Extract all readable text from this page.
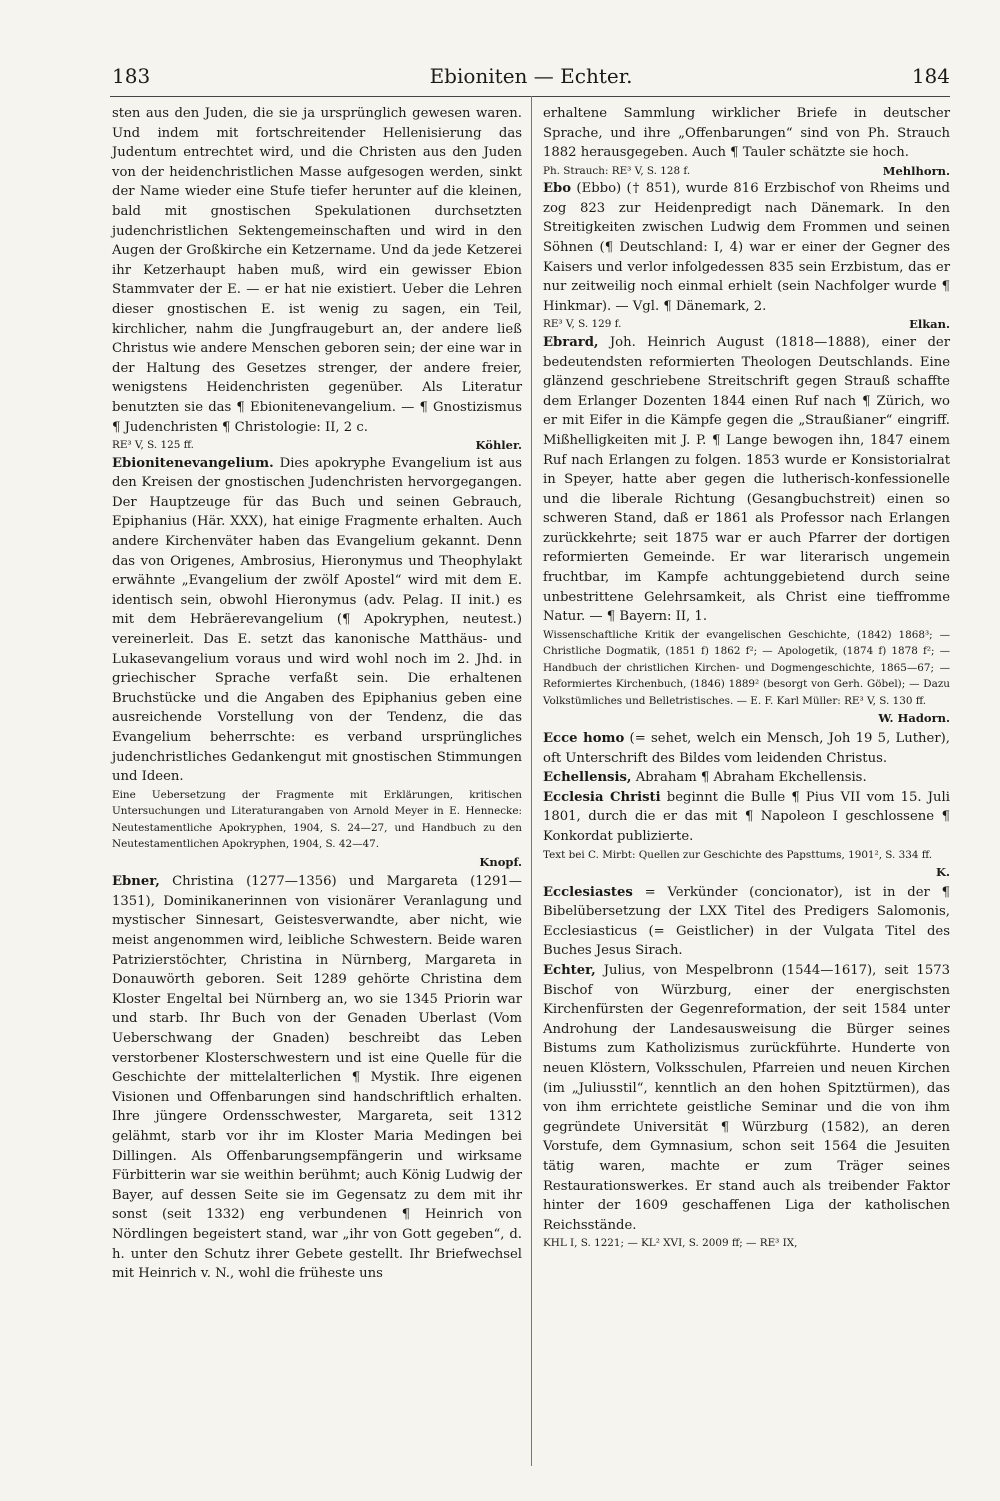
183	Ebioniten — Echter.	184

sten aus den Juden, die sie ja ursprünglich gewesen waren. Und indem mit fortschreitender Hellenisierung das Judentum entrechtet wird, und die Christen aus den Juden von der heidenchristlichen Masse aufgesogen werden, sinkt der Name wieder eine Stufe tiefer herunter auf die kleinen, bald mit gnostischen Spekulationen durchsetzten judenchristlichen Sektengemeinschaften und wird in den Augen der Großkirche ein Ketzername. Und da jede Ketzerei ihr Ketzerhaupt haben muß, wird ein gewisser Ebion Stammvater der E. — er hat nie existiert. Ueber die Lehren dieser gnostischen E. ist wenig zu sagen, ein Teil, kirchlicher, nahm die Jungfraugeburt an, der andere ließ Christus wie andere Menschen geboren sein; der eine war in der Haltung des Gesetzes strenger, der andere freier, wenigstens Heidenchristen gegenüber. Als Literatur benutzten sie das ¶ Ebionitenevangelium. — ¶ Gnostizismus ¶ Judenchristen ¶ Christologie: II, 2 c.

RE³ V, S. 125 ff.	Köhler.

Ebionitenevangelium. Dies apokryphe Evangelium ist aus den Kreisen der gnostischen Judenchristen hervorgegangen. Der Hauptzeuge für das Buch und seinen Gebrauch, Epiphanius (Här. XXX), hat einige Fragmente erhalten. Auch andere Kirchenväter haben das Evangelium gekannt. Denn das von Origenes, Ambrosius, Hieronymus und Theophylakt erwähnte „Evangelium der zwölf Apostel“ wird mit dem E. identisch sein, obwohl Hieronymus (adv. Pelag. II init.) es mit dem Hebräerevangelium (¶ Apokryphen, neutest.) vereinerleit. Das E. setzt das kanonische Matthäus- und Lukasevangelium voraus und wird wohl noch im 2. Jhd. in griechischer Sprache verfaßt sein. Die erhaltenen Bruchstücke und die Angaben des Epiphanius geben eine ausreichende Vorstellung von der Tendenz, die das Evangelium beherrschte: es verband ursprüngliches judenchristliches Gedankengut mit gnostischen Stimmungen und Ideen.

Eine Uebersetzung der Fragmente mit Erklärungen, kritischen Untersuchungen und Literaturangaben von Arnold Meyer in E. Hennecke: Neutestamentliche Apokryphen, 1904, S. 24—27, und Handbuch zu den Neutestamentlichen Apokryphen, 1904, S. 42—47.

Knopf.

Ebner, Christina (1277—1356) und Margareta (1291—1351), Dominikanerinnen von visionärer Veranlagung und mystischer Sinnesart, Geistesverwandte, aber nicht, wie meist angenommen wird, leibliche Schwestern. Beide waren Patrizierstöchter, Christina in Nürnberg, Margareta in Donauwörth geboren. Seit 1289 gehörte Christina dem Kloster Engeltal bei Nürnberg an, wo sie 1345 Priorin war und starb. Ihr Buch von der Genaden Uberlast (Vom Ueberschwang der Gnaden) beschreibt das Leben verstorbener Klosterschwestern und ist eine Quelle für die Geschichte der mittelalterlichen ¶ Mystik. Ihre eigenen Visionen und Offenbarungen sind handschriftlich erhalten. Ihre jüngere Ordensschwester, Margareta, seit 1312 gelähmt, starb vor ihr im Kloster Maria Medingen bei Dillingen. Als Offenbarungsempfängerin und wirksame Fürbitterin war sie weithin berühmt; auch König Ludwig der Bayer, auf dessen Seite sie im Gegensatz zu dem mit ihr sonst (seit 1332) eng verbundenen ¶ Heinrich von Nördlingen begeistert stand, war „ihr von Gott gegeben“, d. h. unter den Schutz ihrer Gebete gestellt. Ihr Briefwechsel mit Heinrich v. N., wohl die früheste uns

erhaltene Sammlung wirklicher Briefe in deutscher Sprache, und ihre „Offenbarungen“ sind von Ph. Strauch 1882 herausgegeben. Auch ¶ Tauler schätzte sie hoch.

Ph. Strauch: RE³ V, S. 128 f.	Mehlhorn.

Ebo (Ebbo) († 851), wurde 816 Erzbischof von Rheims und zog 823 zur Heidenpredigt nach Dänemark. In den Streitigkeiten zwischen Ludwig dem Frommen und seinen Söhnen (¶ Deutschland: I, 4) war er einer der Gegner des Kaisers und verlor infolgedessen 835 sein Erzbistum, das er nur zeitweilig noch einmal erhielt (sein Nachfolger wurde ¶ Hinkmar). — Vgl. ¶ Dänemark, 2.

RE³ V, S. 129 f.	Elkan.

Ebrard, Joh. Heinrich August (1818—1888), einer der bedeutendsten reformierten Theologen Deutschlands. Eine glänzend geschriebene Streitschrift gegen Strauß schaffte dem Erlanger Dozenten 1844 einen Ruf nach ¶ Zürich, wo er mit Eifer in die Kämpfe gegen die „Straußianer“ eingriff. Mißhelligkeiten mit J. P. ¶ Lange bewogen ihn, 1847 einem Ruf nach Erlangen zu folgen. 1853 wurde er Konsistorialrat in Speyer, hatte aber gegen die lutherisch-konfessionelle und die liberale Richtung (Gesangbuchstreit) einen so schweren Stand, daß er 1861 als Professor nach Erlangen zurückkehrte; seit 1875 war er auch Pfarrer der dortigen reformierten Gemeinde. Er war literarisch ungemein fruchtbar, im Kampfe achtunggebietend durch seine unbestrittene Gelehrsamkeit, als Christ eine tieffromme Natur. — ¶ Bayern: II, 1.

Wissenschaftliche Kritik der evangelischen Geschichte, (1842) 1868³; — Christliche Dogmatik, (1851 f) 1862 f²; — Apologetik, (1874 f) 1878 f²; — Handbuch der christlichen Kirchen- und Dogmengeschichte, 1865—67; — Reformiertes Kirchenbuch, (1846) 1889² (besorgt von Gerh. Göbel); — Dazu Volkstümliches und Belletristisches. — E. F. Karl Müller: RE³ V, S. 130 ff.

W. Hadorn.

Ecce homo (= sehet, welch ein Mensch, Joh 19 5, Luther), oft Unterschrift des Bildes vom leidenden Christus.

Echellensis, Abraham ¶ Abraham Ekchellensis.

Ecclesia Christi beginnt die Bulle ¶ Pius VII vom 15. Juli 1801, durch die er das mit ¶ Napoleon I geschlossene ¶ Konkordat publizierte.

Text bei C. Mirbt: Quellen zur Geschichte des Papsttums, 1901², S. 334 ff.

K.

Ecclesiastes = Verkünder (concionator), ist in der ¶ Bibelübersetzung der LXX Titel des Predigers Salomonis, Ecclesiasticus (= Geistlicher) in der Vulgata Titel des Buches Jesus Sirach.

Echter, Julius, von Mespelbronn (1544—1617), seit 1573 Bischof von Würzburg, einer der energischsten Kirchenfürsten der Gegenreformation, der seit 1584 unter Androhung der Landesausweisung die Bürger seines Bistums zum Katholizismus zurückführte. Hunderte von neuen Klöstern, Volksschulen, Pfarreien und neuen Kirchen (im „Juliusstil“, kenntlich an den hohen Spitztürmen), das von ihm errichtete geistliche Seminar und die von ihm gegründete Universität ¶ Würzburg (1582), an deren Vorstufe, dem Gymnasium, schon seit 1564 die Jesuiten tätig waren, machte er zum Träger seines Restaurationswerkes. Er stand auch als treibender Faktor hinter der 1609 geschaffenen Liga der katholischen Reichsstände.

KHL I, S. 1221; — KL² XVI, S. 2009 ff; — RE³ IX,
